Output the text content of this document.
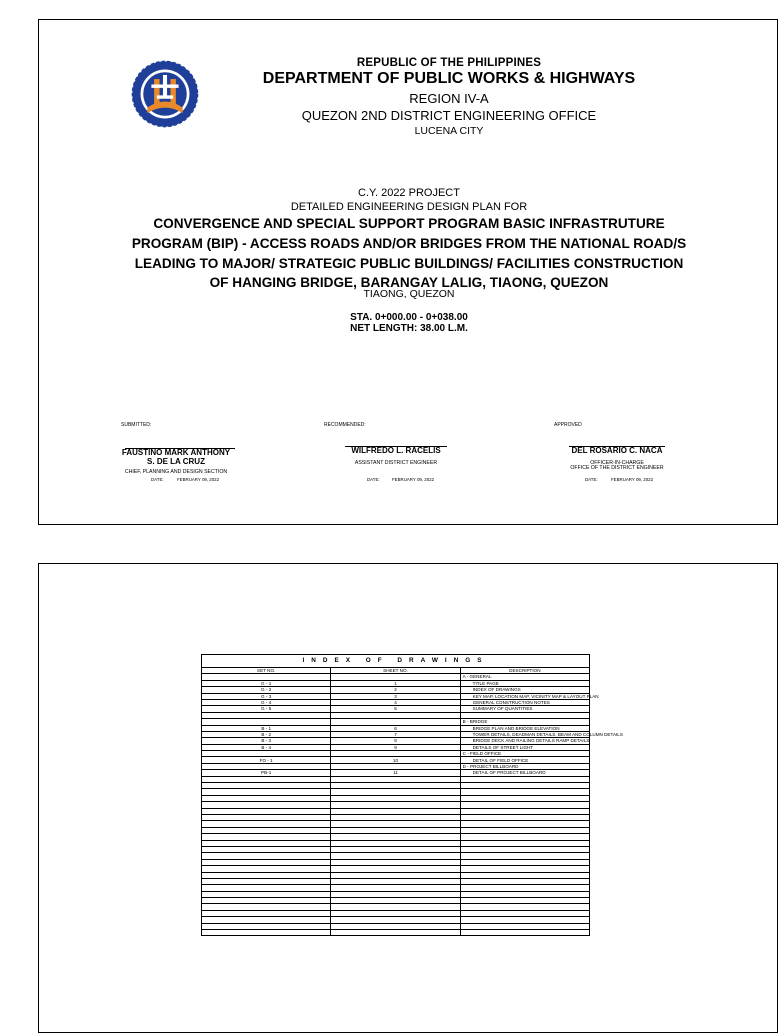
REPUBLIC OF THE PHILIPPINES
DEPARTMENT OF PUBLIC WORKS & HIGHWAYS
REGION IV-A
QUEZON 2ND DISTRICT ENGINEERING OFFICE
LUCENA CITY
C.Y. 2022 PROJECT
DETAILED ENGINEERING DESIGN PLAN FOR
CONVERGENCE AND SPECIAL SUPPORT PROGRAM BASIC INFRASTRUTURE
PROGRAM (BIP) - ACCESS ROADS AND/OR BRIDGES FROM THE NATIONAL ROAD/S
LEADING TO MAJOR/ STRATEGIC PUBLIC BUILDINGS/ FACILITIES CONSTRUCTION
OF HANGING BRIDGE, BARANGAY LALIG, TIAONG, QUEZON
TIAONG, QUEZON
STA. 0+000.00 - 0+038.00
NET LENGTH: 38.00 L.M.
SUBMITTED:
FAUSTINO MARK ANTHONY
S. DE LA CRUZ
CHIEF, PLANNING AND DESIGN SECTION
DATE:	FEBRUARY 09, 2022
RECOMMENDED:
WILFREDO L. RACELIS
ASSISTANT DISTRICT ENGINEER
DATE:	FEBRUARY 09, 2022
APPROVED
DEL ROSARIO C. NACA
OFFICER-IN-CHARGE
OFFICE OF THE DISTRICT ENGINEER
DATE:	FEBRUARY 09, 2022
INDEX OF DRAWINGS		
SET NO.	SHEET NO.	DESCRIPTION
		A - GENERAL
G - 1	1	TITLE PAGE
G - 2	2	INDEX OF DRAWINGS
G - 3	3	KEY MAP, LOCATION MAP, VICINITY MAP & LAYOUT PLAN
G - 4	4	GENERAL CONSTRUCTION NOTES
G - 5	5	SUMMARY OF QUANTITIES

		B - BRIDGE
B - 1	6	BRIDGE PLAN AND BRIDGE ELEVATION
B - 2	7	TOWER DETAILS, DEADMAN DETAILS, BEAM AND COLUMN DETAILS
B - 3	8	BRIDGE DECK AND RAILING DETAILS RAMP DETAILS
B - 4	9	DETAILS OF STREET LIGHT
		C - FIELD OFFICE
FO - 1	10	DETAIL OF FIELD OFFICE
		D - PROJECT BILLBOARD
PB-1	11	DETAIL OF PROJECT BILLBOARD
